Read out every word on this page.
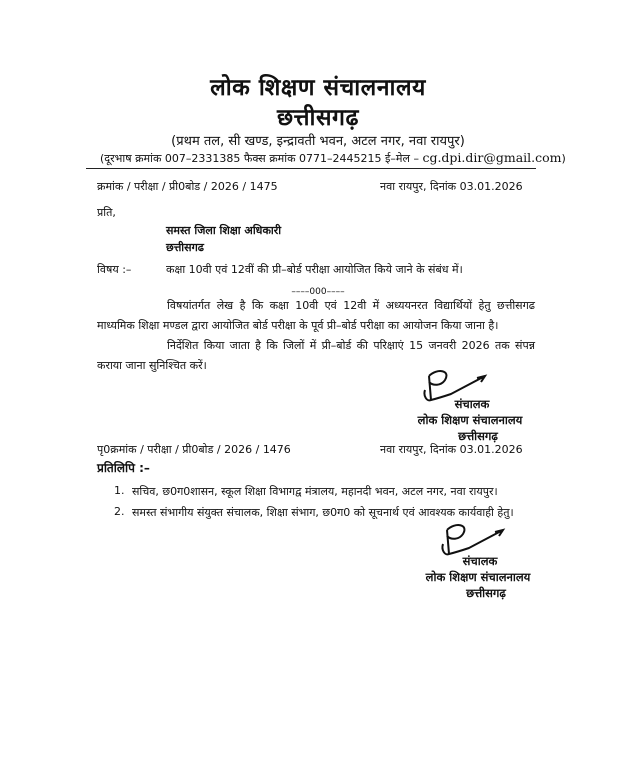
लोक शिक्षण संचालनालय
छत्तीसगढ़
(प्रथम तल, सी खण्ड, इन्द्रावती भवन, अटल नगर, नवा रायपुर)
(दूरभाष क्रमांक 007–2331385 फैक्स क्रमांक 0771–2445215 ई–मेल – cg.dpi.dir@gmail.com)
क्रमांक / परीक्षा / प्री0बोड / 2026 / 1475	नवा रायपुर, दिनांक 03.01.2026
प्रति,
समस्त जिला शिक्षा अधिकारी
छत्तीसगढ
विषय :–	कक्षा 10वी एवं 12वीं की प्री–बोर्ड परीक्षा आयोजित किये जाने के संबंध में।
––––000––––
विषयांतर्गत लेख है कि कक्षा 10वी एवं 12वी में अध्ययनरत विद्यार्थियों हेतु छत्तीसगढ माध्यमिक शिक्षा मण्डल द्वारा आयोजित बोर्ड परीक्षा के पूर्व प्री–बोर्ड परीक्षा का आयोजन किया जाना है।
निर्देशित किया जाता है कि जिलों में प्री–बोर्ड की परिक्षाएं 15 जनवरी 2026 तक संपन्न कराया जाना सुनिश्चित करें।
संचालक
लोक शिक्षण संचालनालय
छत्तीसगढ़
पृ0क्रमांक / परीक्षा / प्री0बोड / 2026 / 1476	नवा रायपुर, दिनांक 03.01.2026
प्रतिलिपि :–
1. सचिव, छ0ग0शासन, स्कूल शिक्षा विभागद्व मंत्रालय, महानदी भवन, अटल नगर, नवा रायपुर।
2. समस्त संभागीय संयुक्त संचालक, शिक्षा संभाग, छ0ग0 को सूचनार्थ एवं आवश्यक कार्यवाही हेतु।
संचालक
लोक शिक्षण संचालनालय
छत्तीसगढ़
